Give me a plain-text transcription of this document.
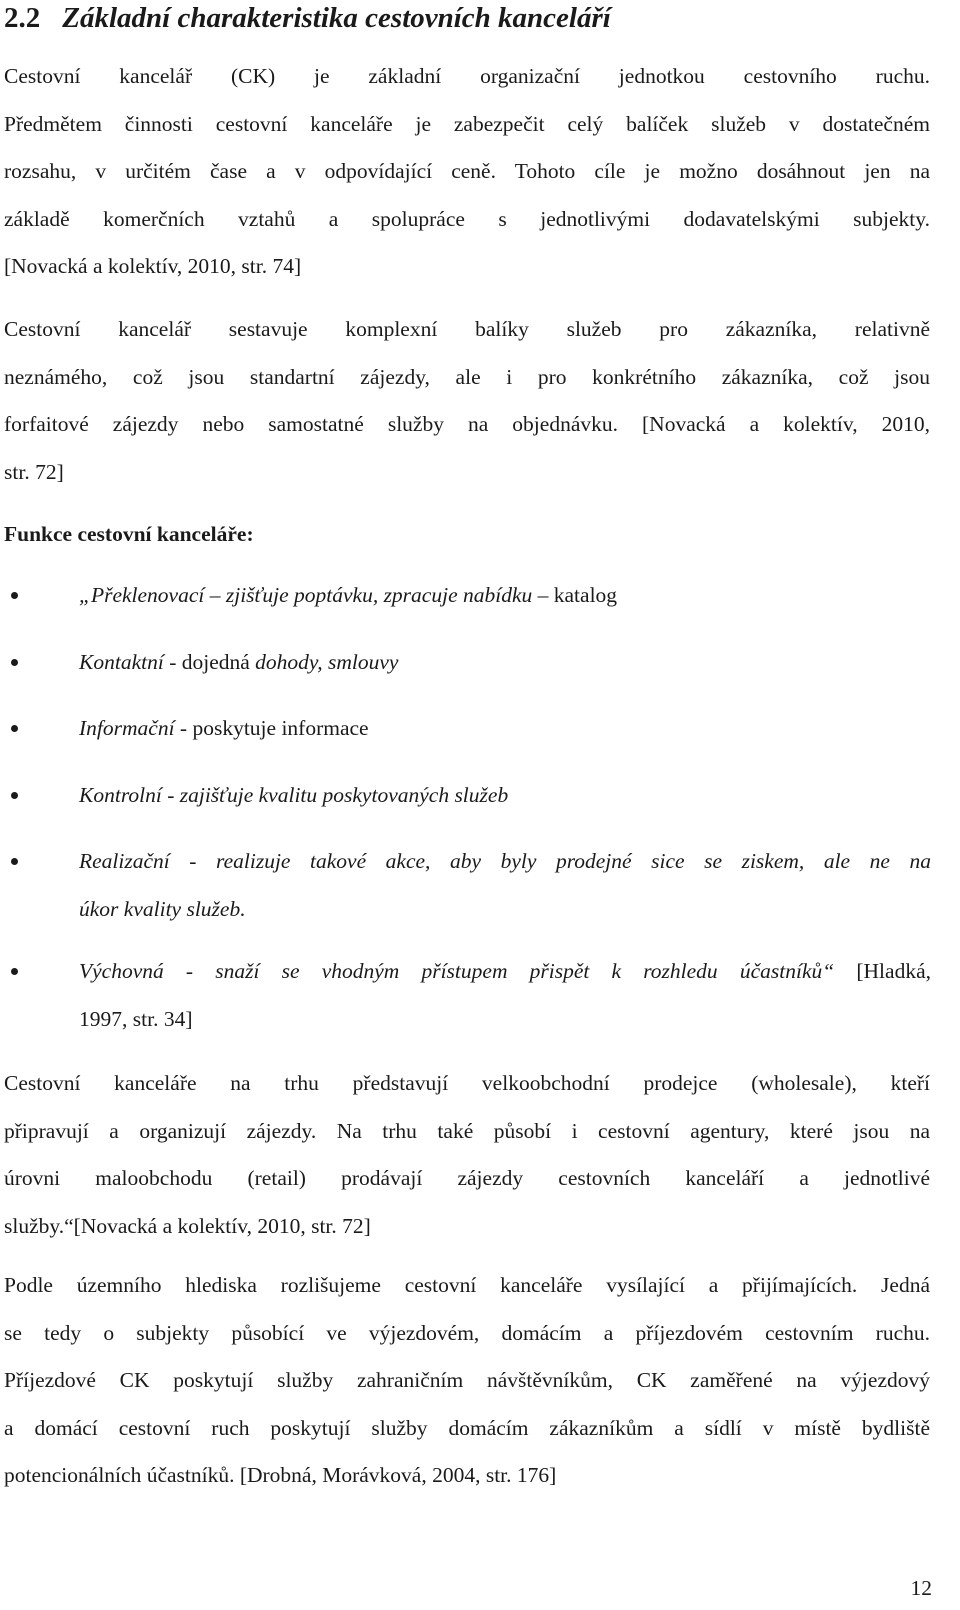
2.2 Základní charakteristika cestovních kanceláří
Cestovní kancelář (CK) je základní organizační jednotkou cestovního ruchu.
Předmětem činnosti cestovní kanceláře je zabezpečit celý balíček služeb v dostatečném
rozsahu, v určitém čase a v odpovídající ceně. Tohoto cíle je možno dosáhnout jen na
základě komerčních vztahů a spolupráce s jednotlivými dodavatelskými subjekty.
[Novacká a kolektív, 2010, str. 74]
Cestovní kancelář sestavuje komplexní balíky služeb pro zákazníka, relativně
neznámého, což jsou standartní zájezdy, ale i pro konkrétního zákazníka, což jsou
forfaitové zájezdy nebo samostatné služby na objednávku. [Novacká a kolektív, 2010,
str. 72]
Funkce cestovní kanceláře:
„Překlenovací – zjišťuje poptávku, zpracuje nabídku – katalog
Kontaktní - dojedná dohody, smlouvy
Informační - poskytuje informace
Kontrolní - zajišťuje kvalitu poskytovaných služeb
Realizační - realizuje takové akce, aby byly prodejné sice se ziskem, ale ne na
úkor kvality služeb.
Výchovná - snaží se vhodným přístupem přispět k rozhledu účastníků“ [Hladká,
1997, str. 34]
Cestovní kanceláře na trhu představují velkoobchodní prodejce (wholesale), kteří
připravují a organizují zájezdy. Na trhu také působí i cestovní agentury, které jsou na
úrovni maloobchodu (retail) prodávají zájezdy cestovních kanceláří a jednotlivé
služby.“[Novacká a kolektív, 2010, str. 72]
Podle územního hlediska rozlišujeme cestovní kanceláře vysílající a přijímajících. Jedná
se tedy o subjekty působící ve výjezdovém, domácím a příjezdovém cestovním ruchu.
Příjezdové CK poskytují služby zahraničním návštěvníkům, CK zaměřené na výjezdový
a domácí cestovní ruch poskytují služby domácím zákazníkům a sídlí v místě bydliště
potencionálních účastníků. [Drobná, Morávková, 2004, str. 176]
12
